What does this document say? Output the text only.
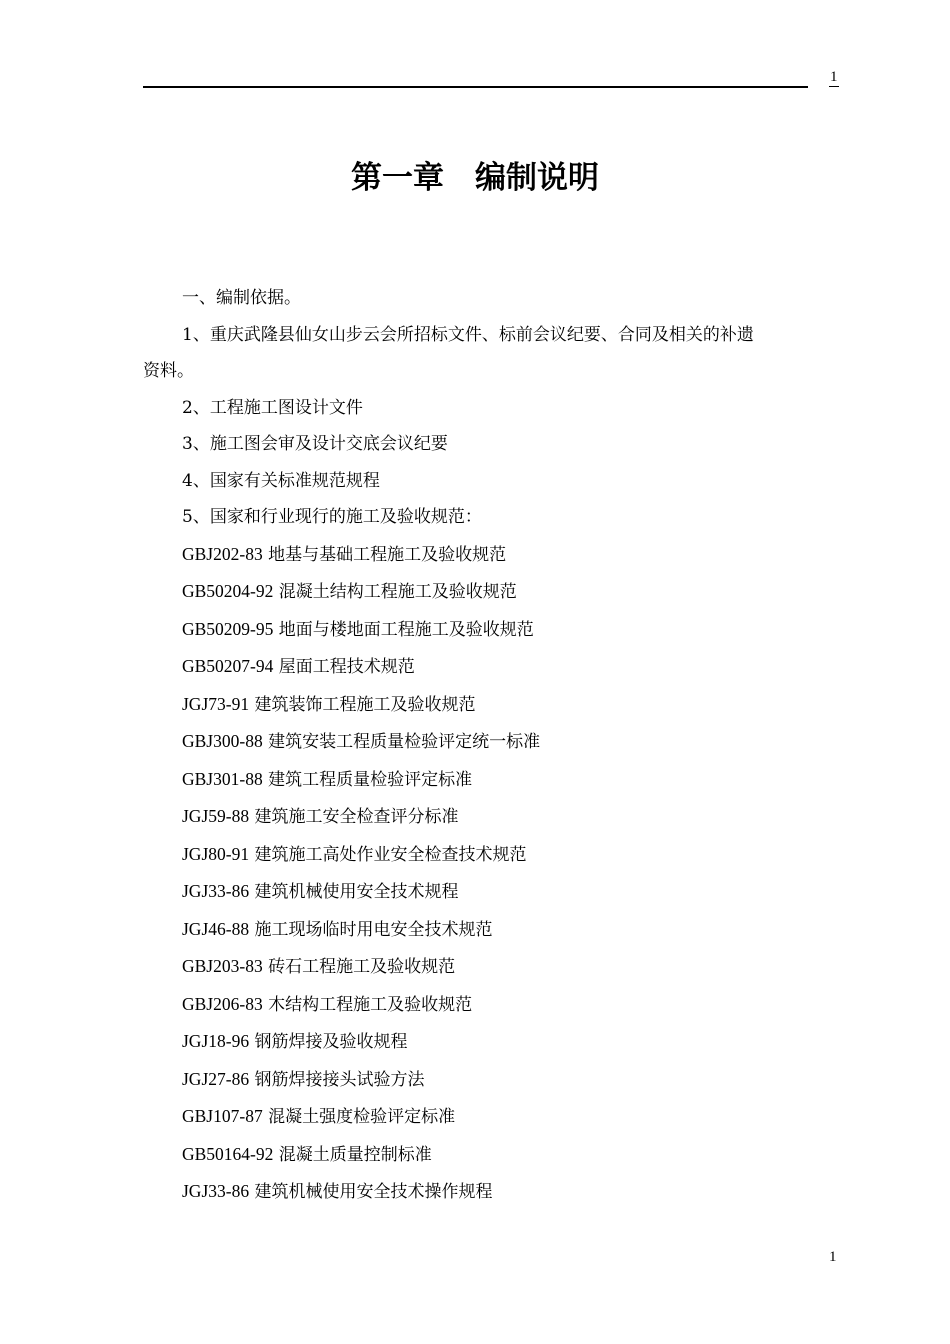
1
第一章　编制说明

一、编制依据。

1、重庆武隆县仙女山步云会所招标文件、标前会议纪要、合同及相关的补遗

资料。

2、工程施工图设计文件

3、施工图会审及设计交底会议纪要

4、国家有关标准规范规程

5、国家和行业现行的施工及验收规范：

GBJ202-83 地基与基础工程施工及验收规范

GB50204-92 混凝土结构工程施工及验收规范

GB50209-95 地面与楼地面工程施工及验收规范

GB50207-94 屋面工程技术规范

JGJ73-91 建筑装饰工程施工及验收规范

GBJ300-88 建筑安装工程质量检验评定统一标准

GBJ301-88 建筑工程质量检验评定标准

JGJ59-88 建筑施工安全检查评分标准

JGJ80-91 建筑施工高处作业安全检查技术规范

JGJ33-86 建筑机械使用安全技术规程

JGJ46-88 施工现场临时用电安全技术规范

GBJ203-83 砖石工程施工及验收规范

GBJ206-83 木结构工程施工及验收规范

JGJ18-96 钢筋焊接及验收规程

JGJ27-86 钢筋焊接接头试验方法

GBJ107-87 混凝土强度检验评定标准

GB50164-92 混凝土质量控制标准

JGJ33-86 建筑机械使用安全技术操作规程

1
